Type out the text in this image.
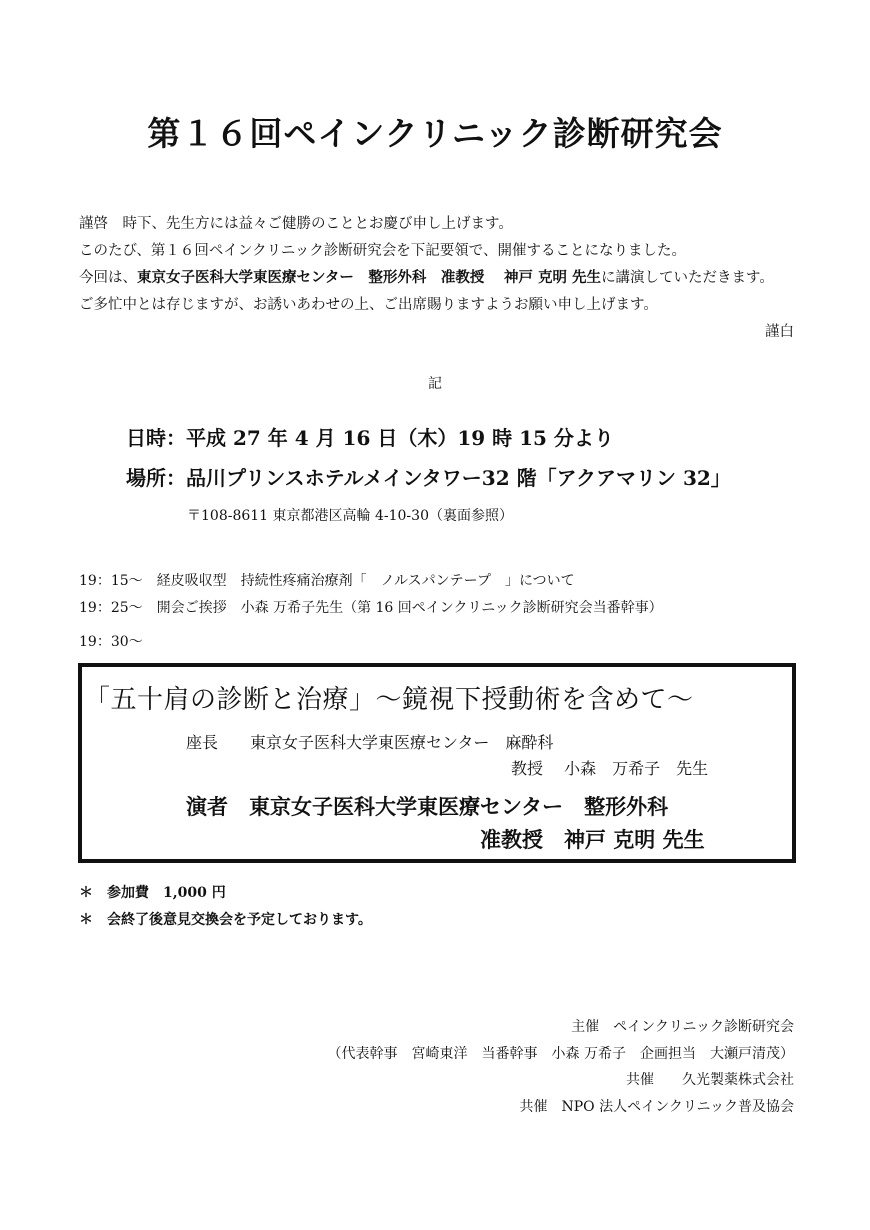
第１６回ペインクリニック診断研究会
謹啓　時下、先生方には益々ご健勝のこととお慶び申し上げます。
このたび、第１６回ペインクリニック診断研究会を下記要領で、開催することになりました。
今回は、東京女子医科大学東医療センター　整形外科　准教授　 神戸 克明 先生に講演していただきます。
ご多忙中とは存じますが、お誘いあわせの上、ご出席賜りますようお願い申し上げます。
謹白
記
日時：平成 27 年 4 月 16 日（木）19 時 15 分より
場所：品川プリンスホテルメインタワー32 階「アクアマリン 32」
〒108-8611 東京都港区高輪 4-10-30（裏面参照）
19：15～　経皮吸収型　持続性疼痛治療剤「　ノルスパンテープ　」について
19：25～　開会ご挨拶　小森 万希子先生（第 16 回ペインクリニック診断研究会当番幹事）
19：30～
「五十肩の診断と治療」～鏡視下授動術を含めて～
座長　　東京女子医科大学東医療センター　麻酔科
教授　 小森　万希子　先生
演者　東京女子医科大学東医療センター　整形外科
准教授　神戸 克明 先生
＊　参加費　1,000 円
＊　会終了後意見交換会を予定しております。
主催　ペインクリニック診断研究会
（代表幹事　宮崎東洋　当番幹事　小森 万希子　企画担当　大瀬戸清茂）
共催　　久光製薬株式会社
共催　NPO 法人ペインクリニック普及協会
